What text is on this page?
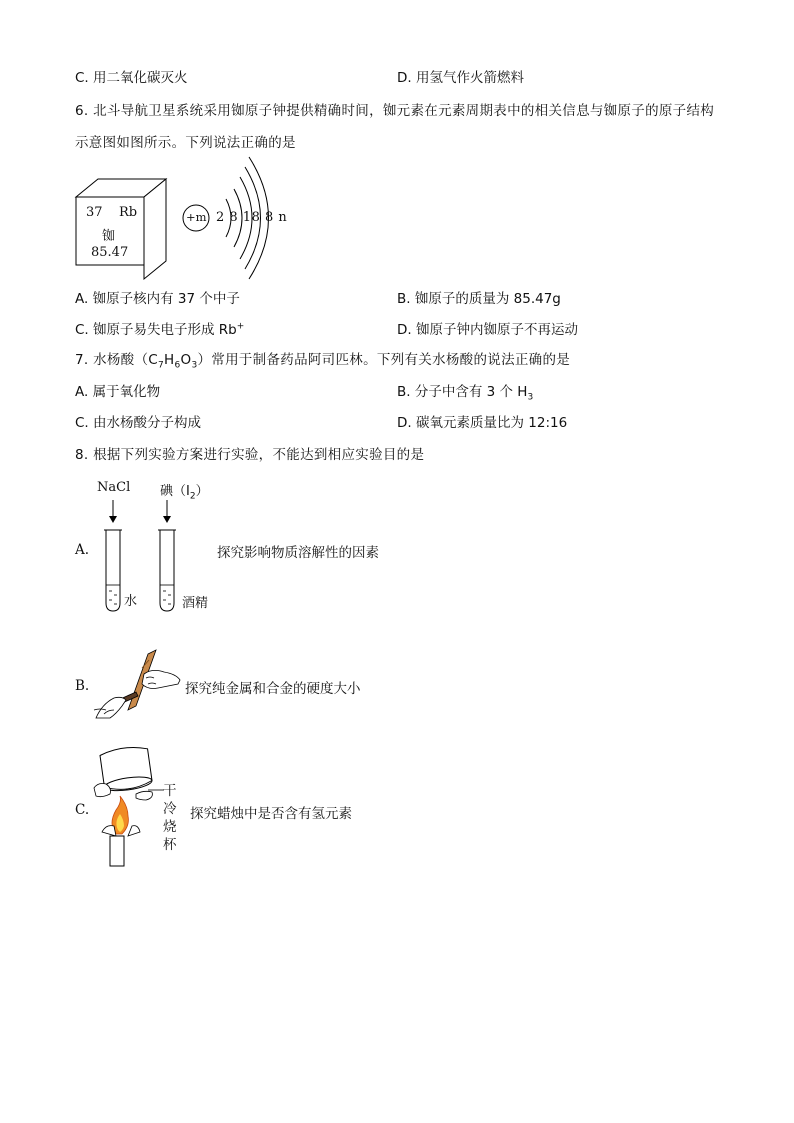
C. 用二氧化碳灭火	D. 用氢气作火箭燃料
6. 北斗导航卫星系统采用铷原子钟提供精确时间，铷元素在元素周期表中的相关信息与铷原子的原子结构
示意图如图所示。下列说法正确的是
37 Rb
铷
85.47
+m 2 8 18 8 n
A. 铷原子核内有 37 个中子	B. 铷原子的质量为 85.47g
C. 铷原子易失电子形成 Rb+	D. 铷原子钟内铷原子不再运动
7. 水杨酸$(C_7H_6O_3)$常用于制备药品阿司匹林。下列有关水杨酸的说法正确的是
A. 属于氧化物	B. 分子中含有 3 个 $H_3$
C. 由水杨酸分子构成	D. 碳氧元素质量比为 12:16
8. 根据下列实验方案进行实验，不能达到相应实验目的是
A.
NaCl 碘$(I_2)$
水	酒精
探究影响物质溶解性的因素
B.	探究纯金属和合金的硬度大小
C.
干
冷
烧
杯
探究蜡烛中是否含有氢元素
